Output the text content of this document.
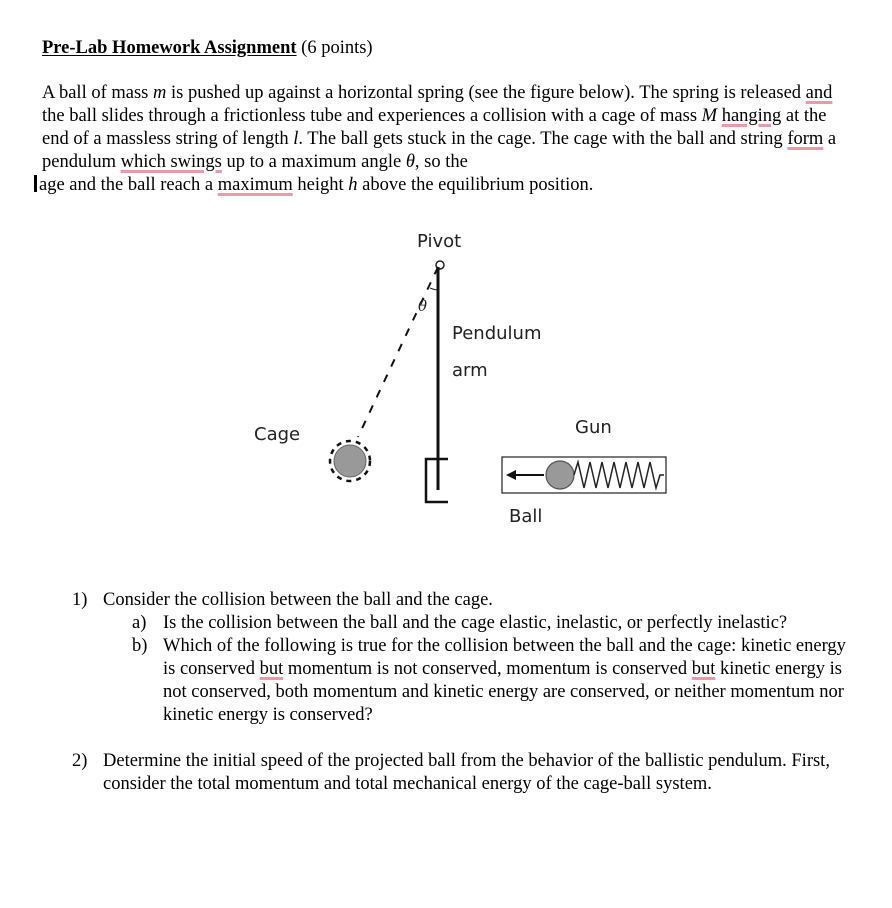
Pre-Lab Homework Assignment (6 points)
A ball of mass m is pushed up against a horizontal spring (see the figure below). The spring is released and the ball slides through a frictionless tube and experiences a collision with a cage of mass M hanging at the end of a massless string of length l. The ball gets stuck in the cage. The cage with the ball and string form a pendulum which swings up to a maximum angle θ, so the
age and the ball reach a maximum height h above the equilibrium position.
Pivot
θ
Pendulum
arm
Cage	Gun
Ball
1) Consider the collision between the ball and the cage.
a) Is the collision between the ball and the cage elastic, inelastic, or perfectly inelastic?
b) Which of the following is true for the collision between the ball and the cage: kinetic energy is conserved but momentum is not conserved, momentum is conserved but kinetic energy is not conserved, both momentum and kinetic energy are conserved, or neither momentum nor kinetic energy is conserved?
2) Determine the initial speed of the projected ball from the behavior of the ballistic pendulum. First, consider the total momentum and total mechanical energy of the cage-ball system.
